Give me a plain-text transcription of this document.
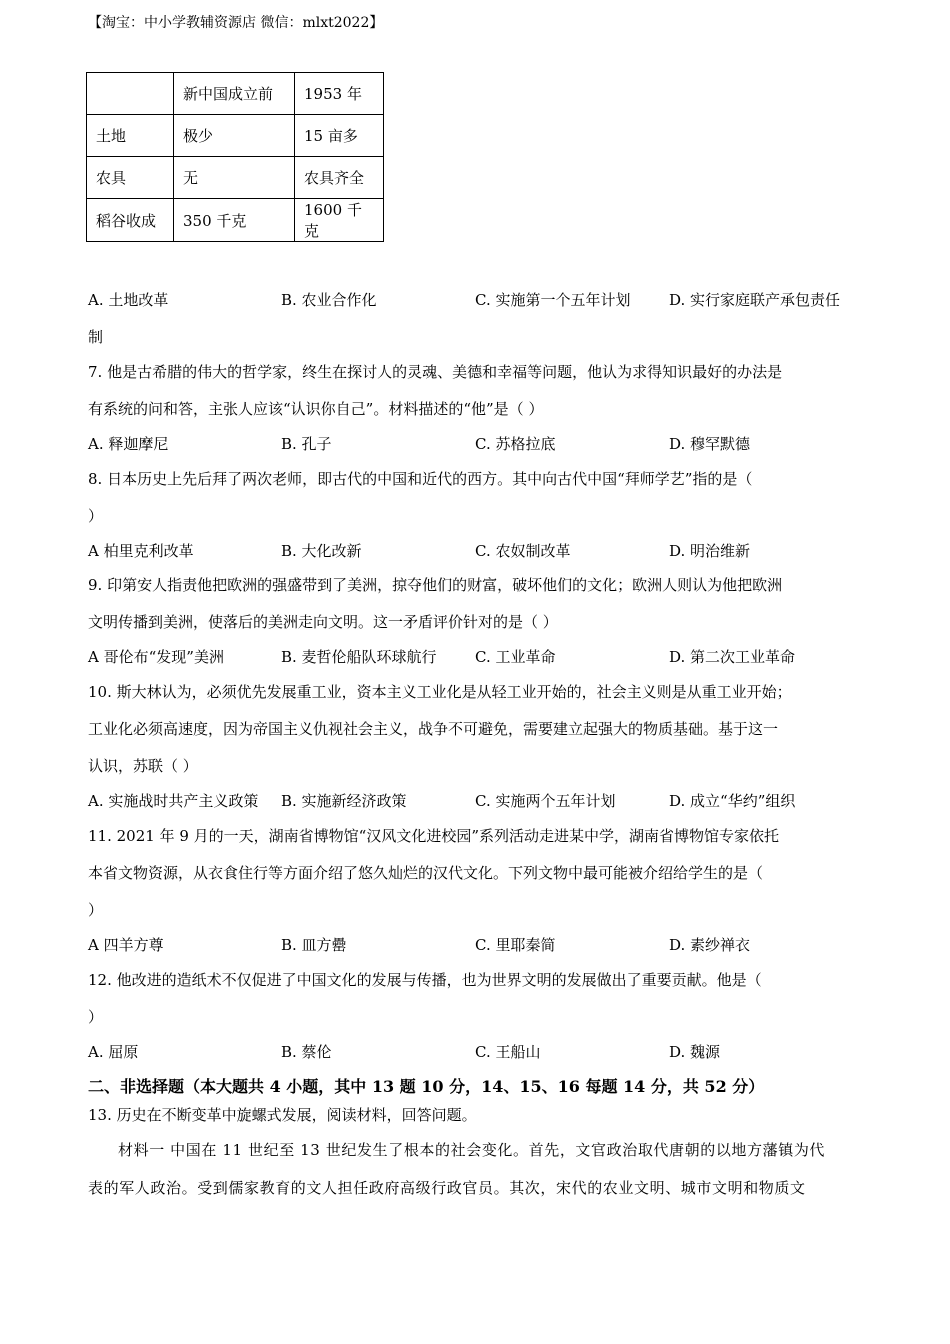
【淘宝：中小学教辅资源店 微信：mlxt2022】
	新中国成立前	1953 年
土地	极少	15 亩多
农具	无	农具齐全
稻谷收成	350 千克	1600 千克
A. 土地改革	B. 农业合作化	C. 实施第一个五年计划	D. 实行家庭联产承包责任
制
7. 他是古希腊的伟大的哲学家，终生在探讨人的灵魂、美德和幸福等问题，他认为求得知识最好的办法是
有系统的问和答，主张人应该“认识你自己”。材料描述的“他”是（ ）
A. 释迦摩尼	B. 孔子	C. 苏格拉底	D. 穆罕默德
8. 日本历史上先后拜了两次老师，即古代的中国和近代的西方。其中向古代中国“拜师学艺”指的是（
）
A 柏里克利改革	B. 大化改新	C. 农奴制改革	D. 明治维新
9. 印第安人指责他把欧洲的强盛带到了美洲，掠夺他们的财富，破坏他们的文化；欧洲人则认为他把欧洲
文明传播到美洲，使落后的美洲走向文明。这一矛盾评价针对的是（ ）
A 哥伦布“发现”美洲	B. 麦哲伦船队环球航行	C. 工业革命	D. 第二次工业革命
10. 斯大林认为，必须优先发展重工业，资本主义工业化是从轻工业开始的，社会主义则是从重工业开始；
工业化必须高速度，因为帝国主义仇视社会主义，战争不可避免，需要建立起强大的物质基础。基于这一
认识，苏联（ ）
A. 实施战时共产主义政策 B. 实施新经济政策	C. 实施两个五年计划	D. 成立“华约”组织
11. 2021 年 9 月的一天，湖南省博物馆“汉风文化进校园”系列活动走进某中学，湖南省博物馆专家依托
本省文物资源，从衣食住行等方面介绍了悠久灿烂的汉代文化。下列文物中最可能被介绍给学生的是（
）
A 四羊方尊	B. 皿方罍	C. 里耶秦简	D. 素纱禅衣
12. 他改进的造纸术不仅促进了中国文化的发展与传播，也为世界文明的发展做出了重要贡献。他是（
）
A. 屈原	B. 蔡伦	C. 王船山	D. 魏源
二、非选择题（本大题共 4 小题，其中 13 题 10 分，14、15、16 每题 14 分，共 52 分）
13. 历史在不断变革中旋螺式发展，阅读材料，回答问题。
材料一 中国在 11 世纪至 13 世纪发生了根本的社会变化。首先，文官政治取代唐朝的以地方藩镇为代
表的军人政治。受到儒家教育的文人担任政府高级行政官员。其次，宋代的农业文明、城市文明和物质文
